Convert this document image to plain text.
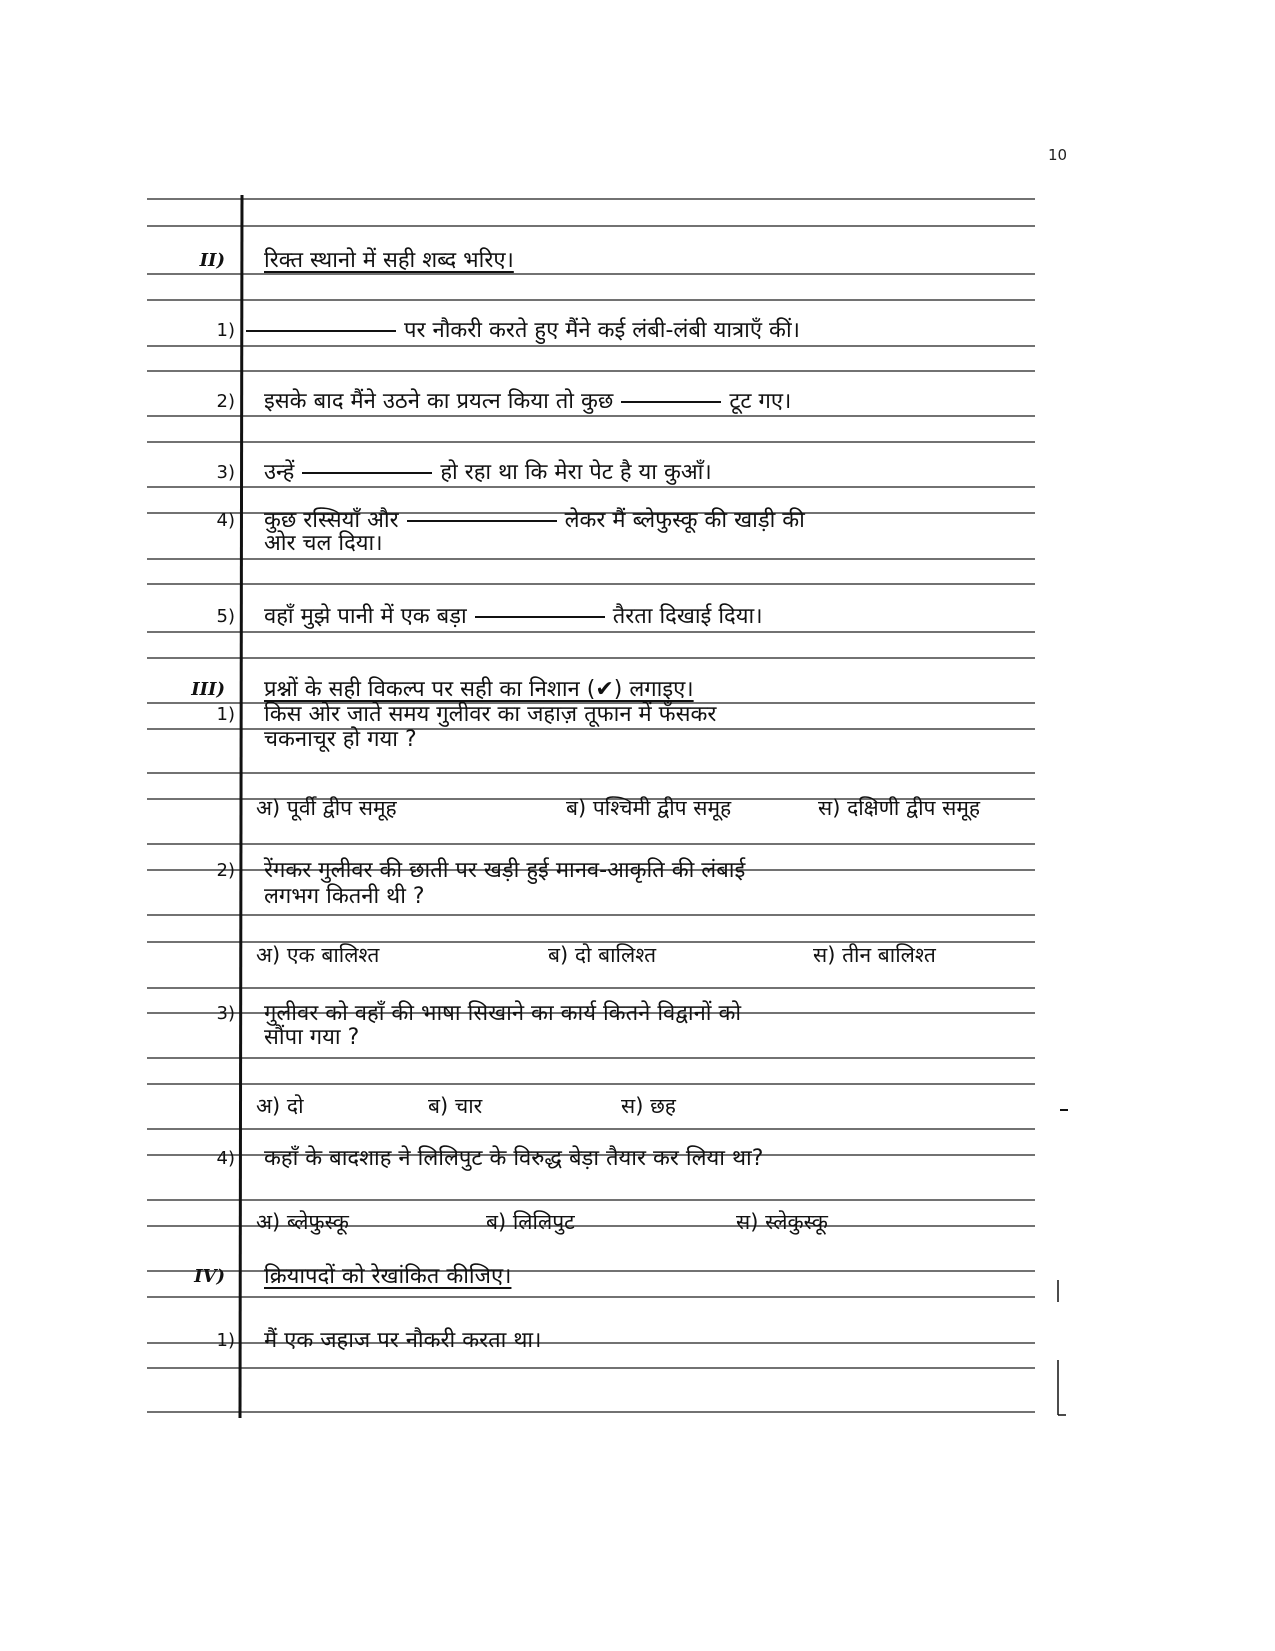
10
II) रिक्त स्थानो में सही शब्द भरिए।
1)	पर नौकरी करते हुए मैंने कई लंबी-लंबी यात्राएँ कीं।
2) इसके बाद मैंने उठने का प्रयत्न किया तो कुछ	टूट गए।
3) उन्हें	हो रहा था कि मेरा पेट है या कुआँ।
4) कुछ रस्सियाँ और	लेकर मैं ब्लेफुस्कू की खाड़ी की
ओर चल दिया।
5) वहाँ मुझे पानी में एक बड़ा	तैरता दिखाई दिया।
III) प्रश्नों के सही विकल्प पर सही का निशान (✔) लगाइए।
1) किस ओर जाते समय गुलीवर का जहाज़ तूफान में फँसकर
चकनाचूर हो गया ?
अ) पूर्वी द्वीप समूह	ब) पश्चिमी द्वीप समूह	स) दक्षिणी द्वीप समूह
2) रेंगकर गुलीवर की छाती पर खड़ी हुई मानव-आकृति की लंबाई
लगभग कितनी थी ?
अ) एक बालिश्त	ब) दो बालिश्त	स) तीन बालिश्त
3) गुलीवर को वहाँ की भाषा सिखाने का कार्य कितने विद्वानों को
सौंपा गया ?
अ) दो	ब) चार	स) छह
4) कहाँ के बादशाह ने लिलिपुट के विरुद्ध बेड़ा तैयार कर लिया था?
अ) ब्लेफुस्कू	ब) लिलिपुट	स) स्लेकुस्कू
IV) क्रियापदों को रेखांकित कीजिए।
1) मैं एक जहाज पर नौकरी करता था।
